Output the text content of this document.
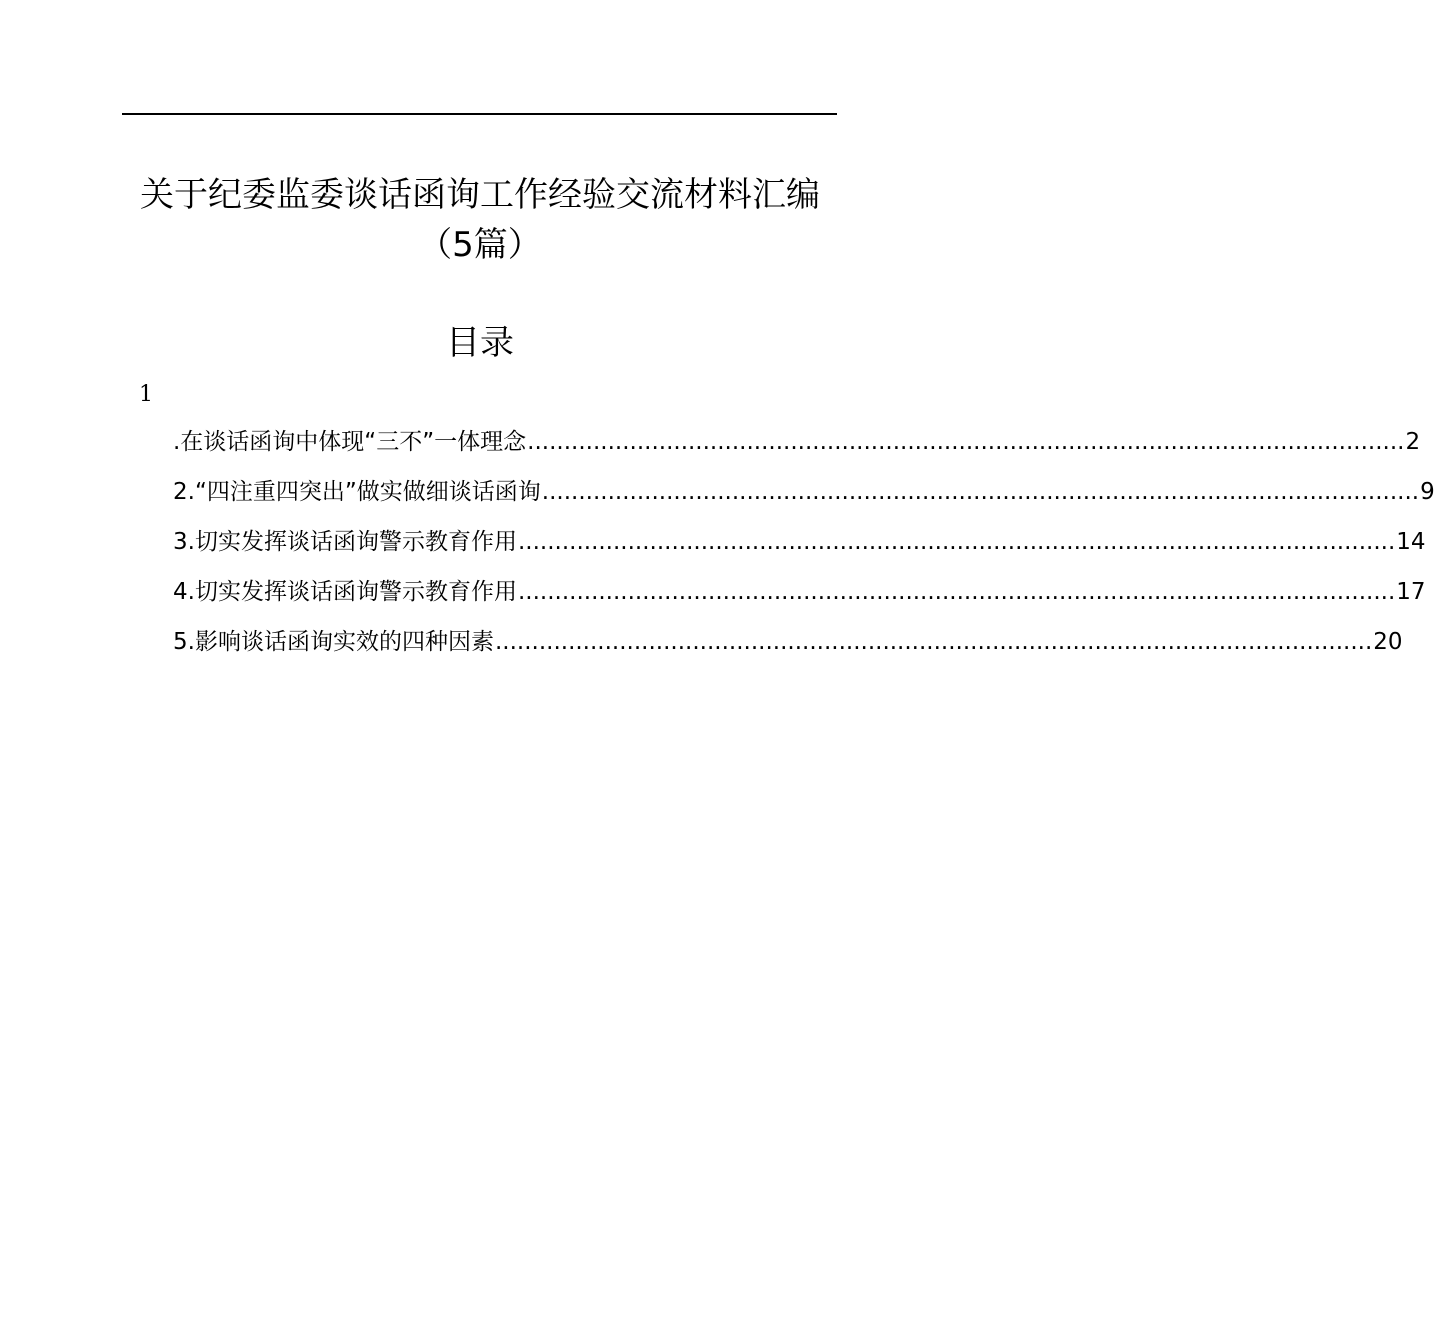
关于纪委监委谈话函询工作经验交流材料汇编
（5篇）
目录
1
.在谈话函询中体现“三不”一体理念 ........................................................................................................................ 2
2.“四注重四突出”做实做细谈话函询 ........................................................................................................................ 9
3.切实发挥谈话函询警示教育作用 ........................................................................................................................ 14
4.切实发挥谈话函询警示教育作用 ........................................................................................................................ 17
5.影响谈话函询实效的四种因素 ........................................................................................................................ 20
